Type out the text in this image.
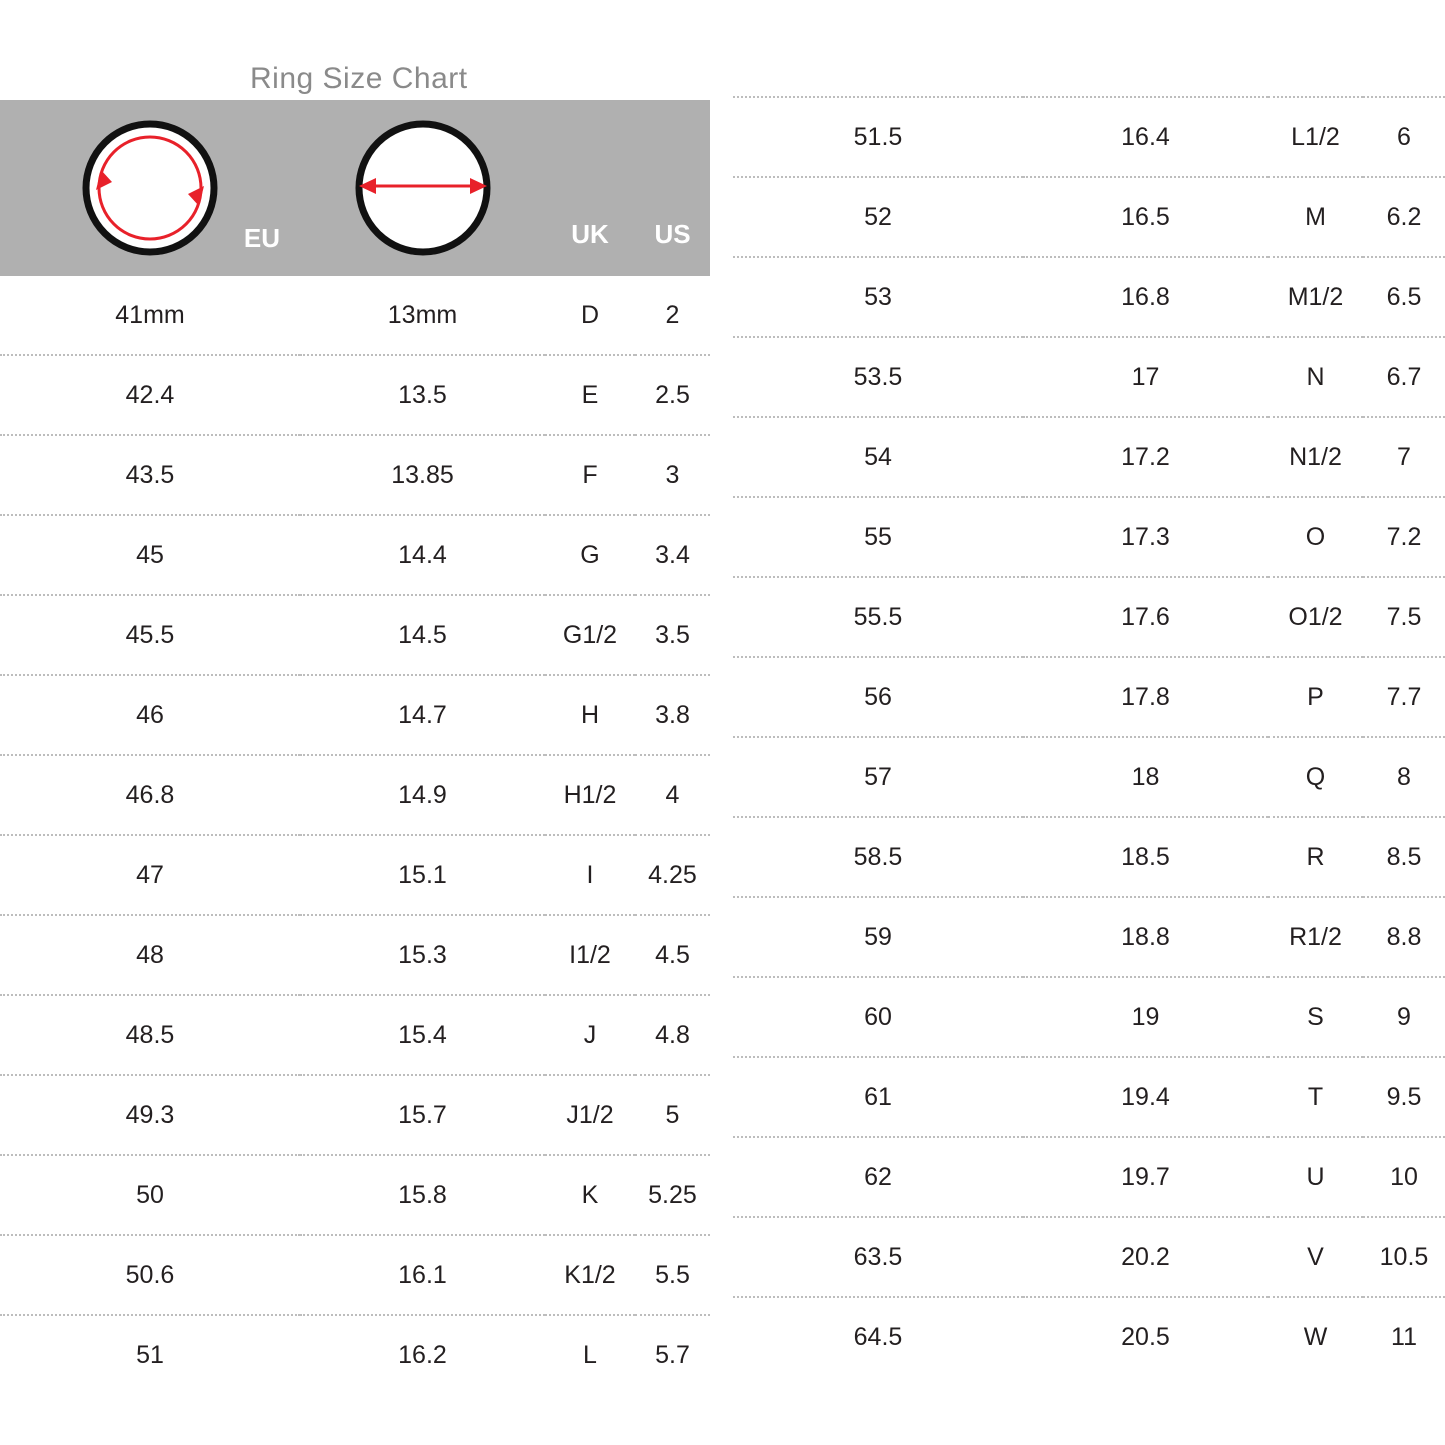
Ring Size Chart
EU		UK	US
41mm	13mm	D	2
42.4	13.5	E	2.5
43.5	13.85	F	3
45	14.4	G	3.4
45.5	14.5	G1/2	3.5
46	14.7	H	3.8
46.8	14.9	H1/2	4
47	15.1	I	4.25
48	15.3	I1/2	4.5
48.5	15.4	J	4.8
49.3	15.7	J1/2	5
50	15.8	K	5.25
50.6	16.1	K1/2	5.5
51	16.2	L	5.7
51.5	16.4	L1/2	6
52	16.5	M	6.2
53	16.8	M1/2	6.5
53.5	17	N	6.7
54	17.2	N1/2	7
55	17.3	O	7.2
55.5	17.6	O1/2	7.5
56	17.8	P	7.7
57	18	Q	8
58.5	18.5	R	8.5
59	18.8	R1/2	8.8
60	19	S	9
61	19.4	T	9.5
62	19.7	U	10
63.5	20.2	V	10.5
64.5	20.5	W	11
